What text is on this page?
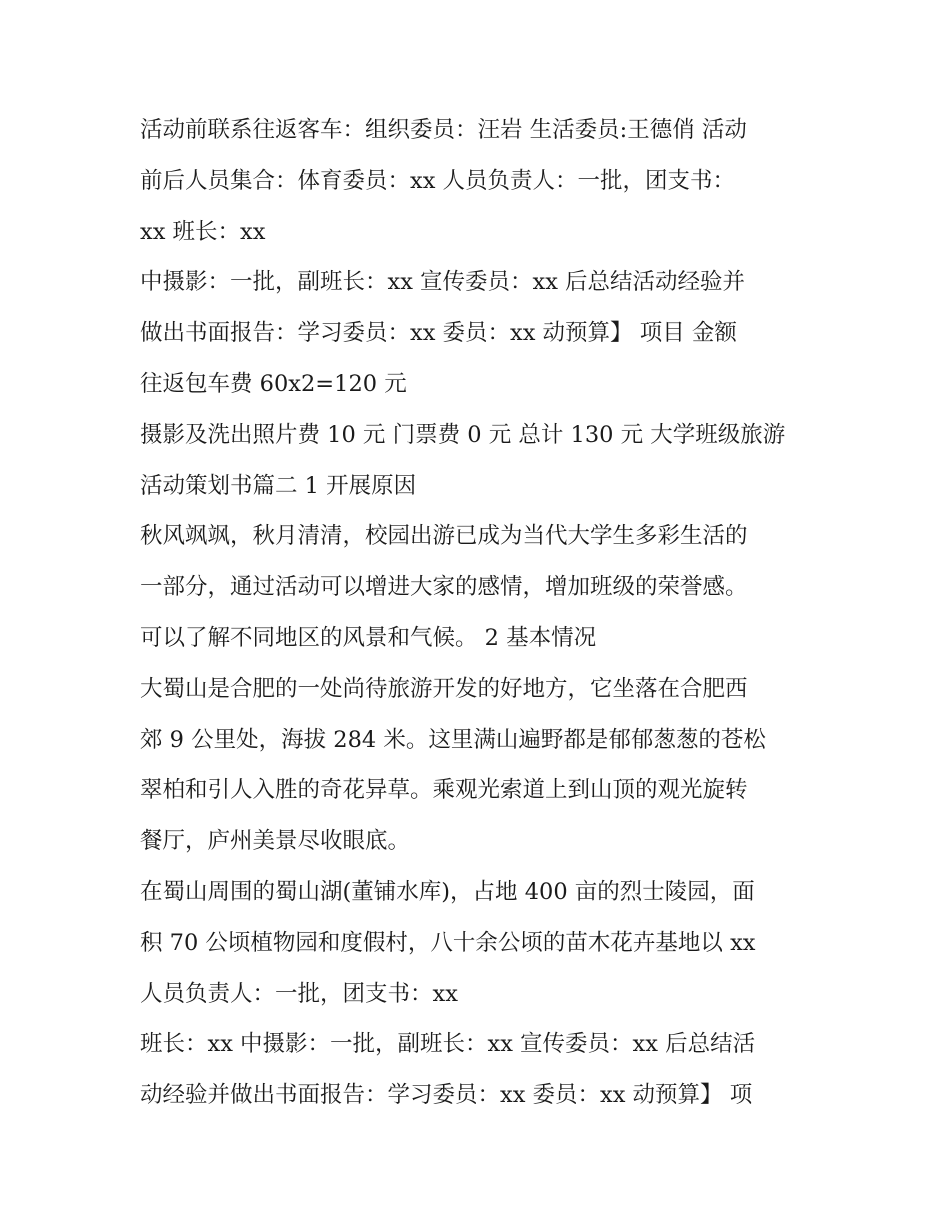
活动前联系往返客车：组织委员：汪岩 生活委员:王德俏 活动
前后人员集合：体育委员：xx 人员负责人：一批，团支书：
xx 班长：xx
中摄影：一批，副班长：xx 宣传委员：xx 后总结活动经验并
做出书面报告：学习委员：xx 委员：xx 动预算】 项目 金额
往返包车费 60x2=120 元
摄影及洗出照片费 10 元 门票费 0 元 总计 130 元 大学班级旅游
活动策划书篇二 1 开展原因
秋风飒飒，秋月清清，校园出游已成为当代大学生多彩生活的
一部分，通过活动可以增进大家的感情，增加班级的荣誉感。
可以了解不同地区的风景和气候。 2 基本情况
大蜀山是合肥的一处尚待旅游开发的好地方，它坐落在合肥西
郊 9 公里处，海拔 284 米。这里满山遍野都是郁郁葱葱的苍松
翠柏和引人入胜的奇花异草。乘观光索道上到山顶的观光旋转
餐厅，庐州美景尽收眼底。
在蜀山周围的蜀山湖(董铺水库)，占地 400 亩的烈士陵园，面
积 70 公顷植物园和度假村，八十余公顷的苗木花卉基地以 xx
人员负责人：一批，团支书：xx
班长：xx 中摄影：一批，副班长：xx 宣传委员：xx 后总结活
动经验并做出书面报告：学习委员：xx 委员：xx 动预算】 项
